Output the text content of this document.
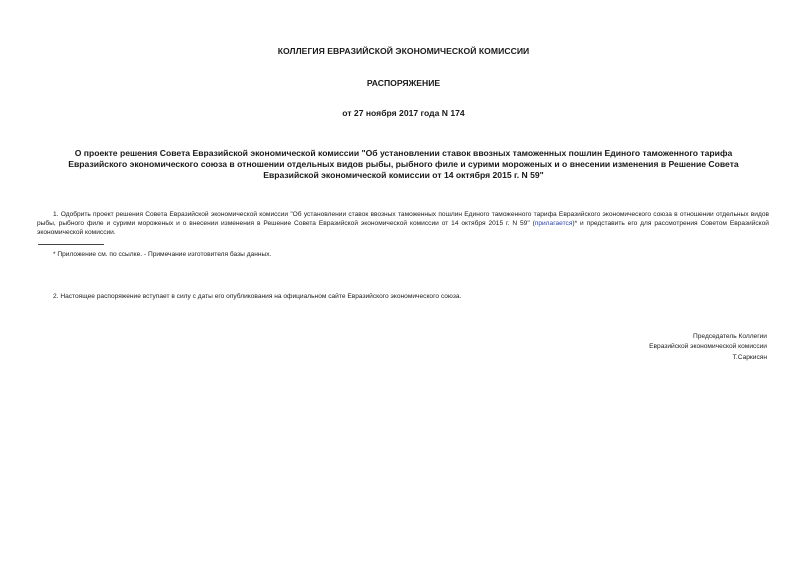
КОЛЛЕГИЯ ЕВРАЗИЙСКОЙ ЭКОНОМИЧЕСКОЙ КОМИССИИ
РАСПОРЯЖЕНИЕ
от 27 ноября 2017 года N 174
О проекте решения Совета Евразийской экономической комиссии "Об установлении ставок ввозных таможенных пошлин Единого таможенного тарифа Евразийского экономического союза в отношении отдельных видов рыбы, рыбного филе и сурими мороженых и о внесении изменения в Решение Совета Евразийской экономической комиссии от 14 октября 2015 г. N 59"
1. Одобрить проект решения Совета Евразийской экономической комиссии "Об установлении ставок ввозных таможенных пошлин Единого таможенного тарифа Евразийского экономического союза в отношении отдельных видов рыбы, рыбного филе и сурими мороженых и о внесении изменения в Решение Совета Евразийской экономической комиссии от 14 октября 2015 г. N 59" (прилагается)* и представить его для рассмотрения Советом Евразийской экономической комиссии.
* Приложение см. по ссылке. - Примечание изготовителя базы данных.
2. Настоящее распоряжение вступает в силу с даты его опубликования на официальном сайте Евразийского экономического союза.
Председатель Коллегии
Евразийской экономической комиссии
Т.Саркисян
